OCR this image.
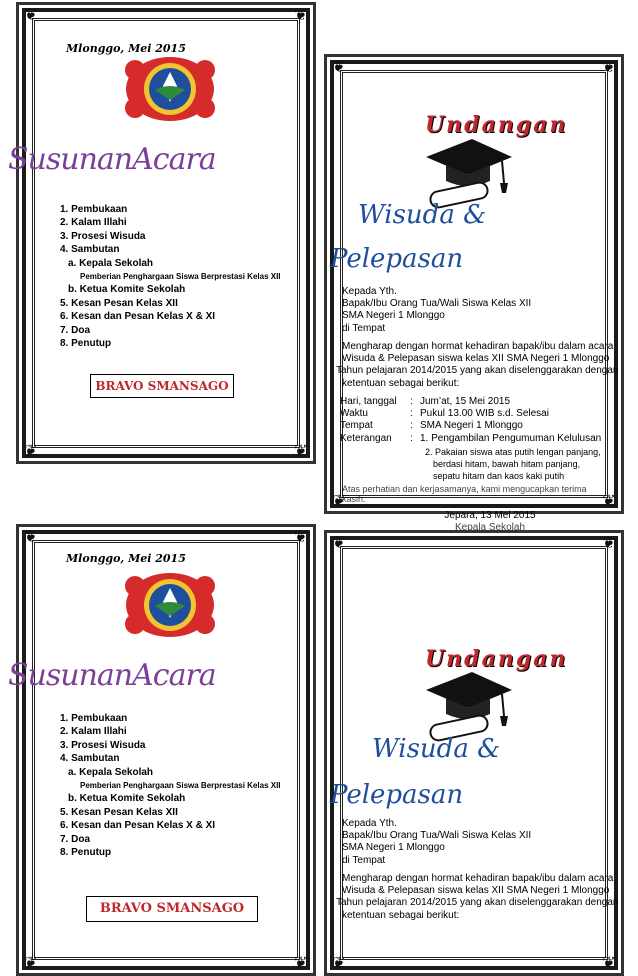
❦	❦
❦	❦
Mlonggo, Mei 2015
SusunanAcara
1. Pembukaan
2. Kalam Illahi
3. Prosesi Wisuda
4. Sambutan
a. Kepala Sekolah
Pemberian Penghargaan Siswa Berprestasi Kelas XII
b. Ketua Komite Sekolah
5. Kesan Pesan Kelas XII
6. Kesan dan Pesan Kelas X & XI
7. Doa
8. Penutup
BRAVO SMANSAGO
❦	❦
❦	❦
Undangan
Wisuda &
Pelepasan
Kepada Yth.
Bapak/Ibu Orang Tua/Wali Siswa Kelas XII
SMA Negeri 1 Mlonggo
di Tempat
Mengharap dengan hormat kehadiran bapak/ibu dalam acara
Wisuda & Pelepasan siswa kelas XII SMA Negeri 1 Mlonggo
Tahun pelajaran 2014/2015 yang akan diselenggarakan dengan
ketentuan sebagai berikut:
Hari, tanggal	: Jum’at, 15 Mei 2015
Waktu	: Pukul 13.00 WIB s.d. Selesai
Tempat	: SMA Negeri 1 Mlonggo
Keterangan	: 1. Pengambilan Pengumuman Kelulusan
2. Pakaian siswa atas putih lengan panjang,
berdasi hitam, bawah hitam panjang,
sepatu hitam dan kaos kaki putih
Atas perhatian dan kerjasamanya, kami mengucapkan terima kasih.
Jepara, 13 Mei 2015
Kepala Sekolah
❦	❦
❦	❦
Mlonggo, Mei 2015
SusunanAcara
1. Pembukaan
2. Kalam Illahi
3. Prosesi Wisuda
4. Sambutan
a. Kepala Sekolah
Pemberian Penghargaan Siswa Berprestasi Kelas XII
b. Ketua Komite Sekolah
5. Kesan Pesan Kelas XII
6. Kesan dan Pesan Kelas X & XI
7. Doa
8. Penutup
BRAVO SMANSAGO
❦	❦
❦	❦
Undangan
Wisuda &
Pelepasan
Kepada Yth.
Bapak/Ibu Orang Tua/Wali Siswa Kelas XII
SMA Negeri 1 Mlonggo
di Tempat
Mengharap dengan hormat kehadiran bapak/ibu dalam acara
Wisuda & Pelepasan siswa kelas XII SMA Negeri 1 Mlonggo
Tahun pelajaran 2014/2015 yang akan diselenggarakan dengan
ketentuan sebagai berikut:
